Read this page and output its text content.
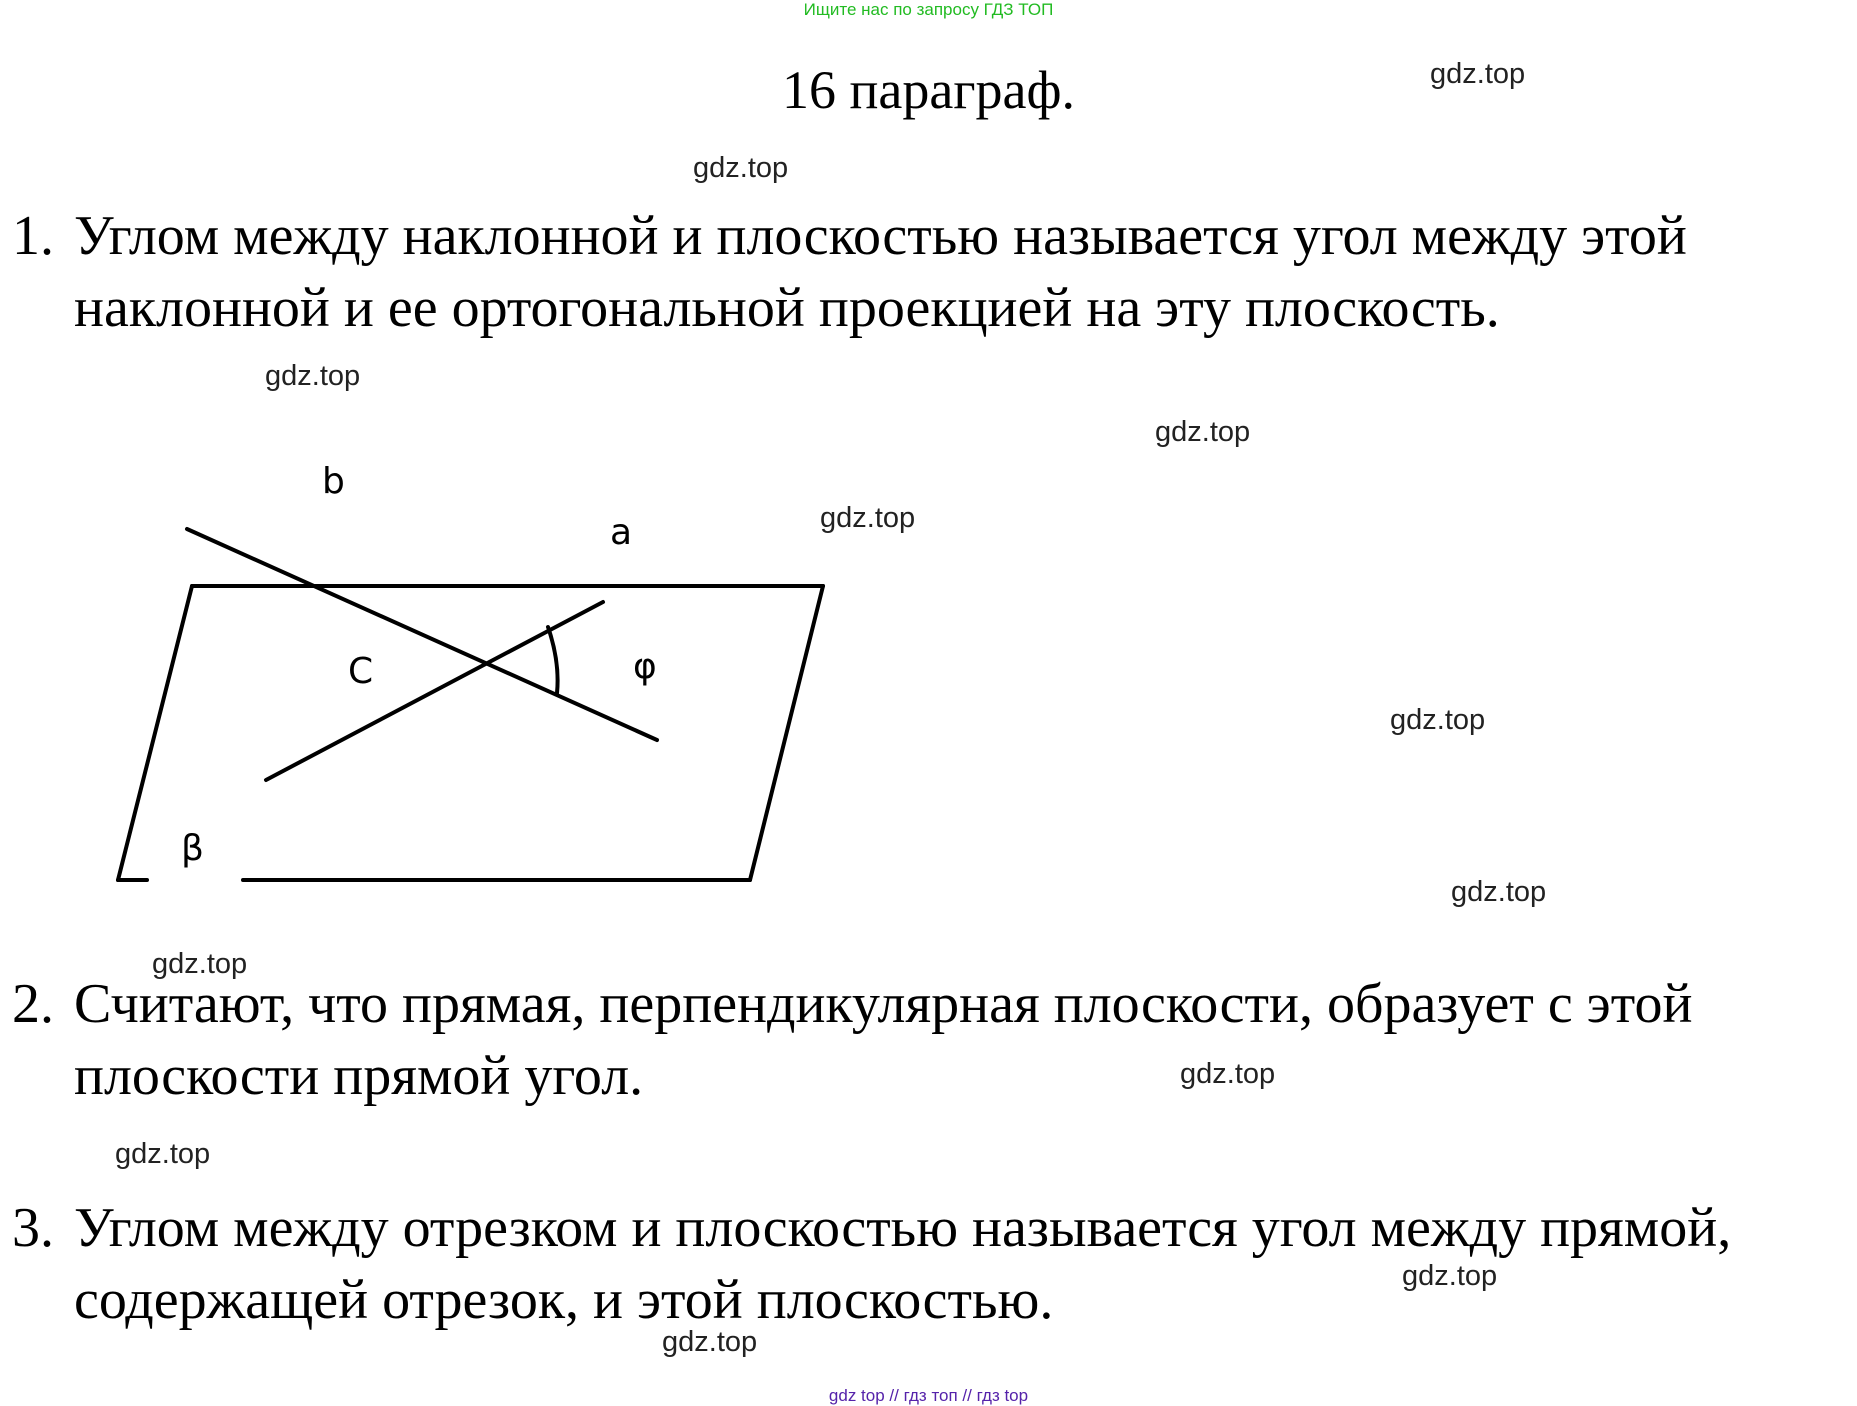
Ищите нас по запросу ГДЗ ТОП
16 параграф.	gdz.top
gdz.top
gdz.top
gdz.top
gdz.top
gdz.top
gdz.top
gdz.top
gdz.top
gdz.top
gdz.top
gdz.top
1. Углом между наклонной и плоскостью называется угол между этой наклонной и ее ортогональной проекцией на эту плоскость.
b
a
C	φ
β
2. Считают, что прямая, перпендикулярная плоскости, образует с этой плоскости прямой угол.
3. Углом между отрезком и плоскостью называется угол между прямой, содержащей отрезок, и этой плоскостью.
gdz top // гдз топ // гдз top
